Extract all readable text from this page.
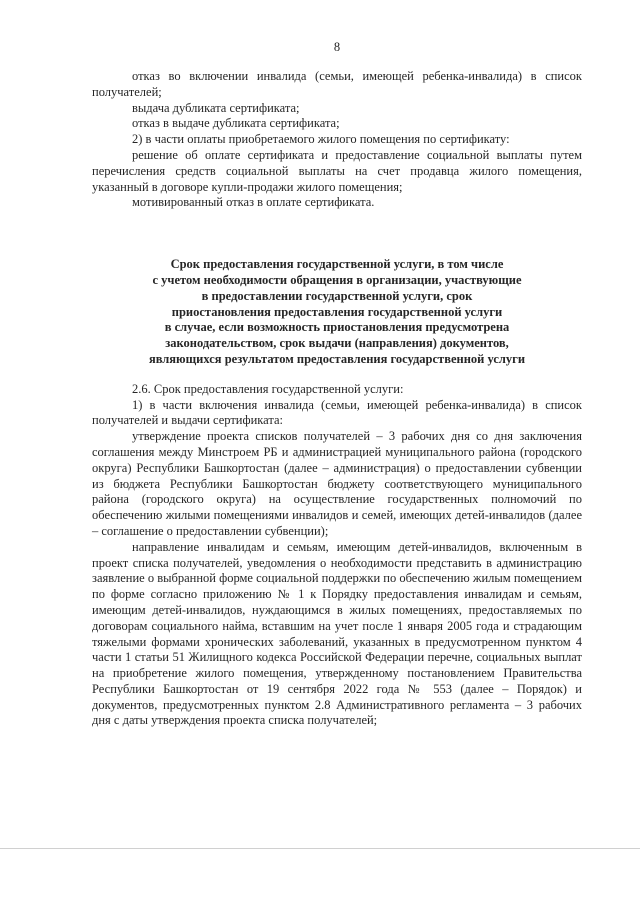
8

отказ во включении инвалида (семьи, имеющей ребенка-инвалида) в список получателей;

выдача дубликата сертификата;

отказ в выдаче дубликата сертификата;

2) в части оплаты приобретаемого жилого помещения по сертификату:

решение об оплате сертификата и предоставление социальной выплаты путем перечисления средств социальной выплаты на счет продавца жилого помещения, указанный в договоре купли-продажи жилого помещения;

мотивированный отказ в оплате сертификата.

Срок предоставления государственной услуги, в том числе
с учетом необходимости обращения в организации, участвующие
в предоставлении государственной услуги, срок
приостановления предоставления государственной услуги
в случае, если возможность приостановления предусмотрена
законодательством, срок выдачи (направления) документов,
являющихся результатом предоставления государственной услуги

2.6. Срок предоставления государственной услуги:

1) в части включения инвалида (семьи, имеющей ребенка-инвалида) в список получателей и выдачи сертификата:

утверждение проекта списков получателей – 3 рабочих дня со дня заключения соглашения между Минстроем РБ и администрацией муниципального района (городского округа) Республики Башкортостан (далее – администрация) о предоставлении субвенции из бюджета Республики Башкортостан бюджету соответствующего муниципального района (городского округа) на осуществление государственных полномочий по обеспечению жилыми помещениями инвалидов и семей, имеющих детей-инвалидов (далее – соглашение о предоставлении субвенции);

направление инвалидам и семьям, имеющим детей-инвалидов, включенным в проект списка получателей, уведомления о необходимости представить в администрацию заявление о выбранной форме социальной поддержки по обеспечению жилым помещением по форме согласно приложению № 1 к Порядку предоставления инвалидам и семьям, имеющим детей-инвалидов, нуждающимся в жилых помещениях, предоставляемых по договорам социального найма, вставшим на учет после 1 января 2005 года и страдающим тяжелыми формами хронических заболеваний, указанных в предусмотренном пунктом 4 части 1 статьи 51 Жилищного кодекса Российской Федерации перечне, социальных выплат на приобретение жилого помещения, утвержденному постановлением Правительства Республики Башкортостан от 19 сентября 2022 года № 553 (далее – Порядок) и документов, предусмотренных пунктом 2.8 Административного регламента – 3 рабочих дня с даты утверждения проекта списка получателей;
